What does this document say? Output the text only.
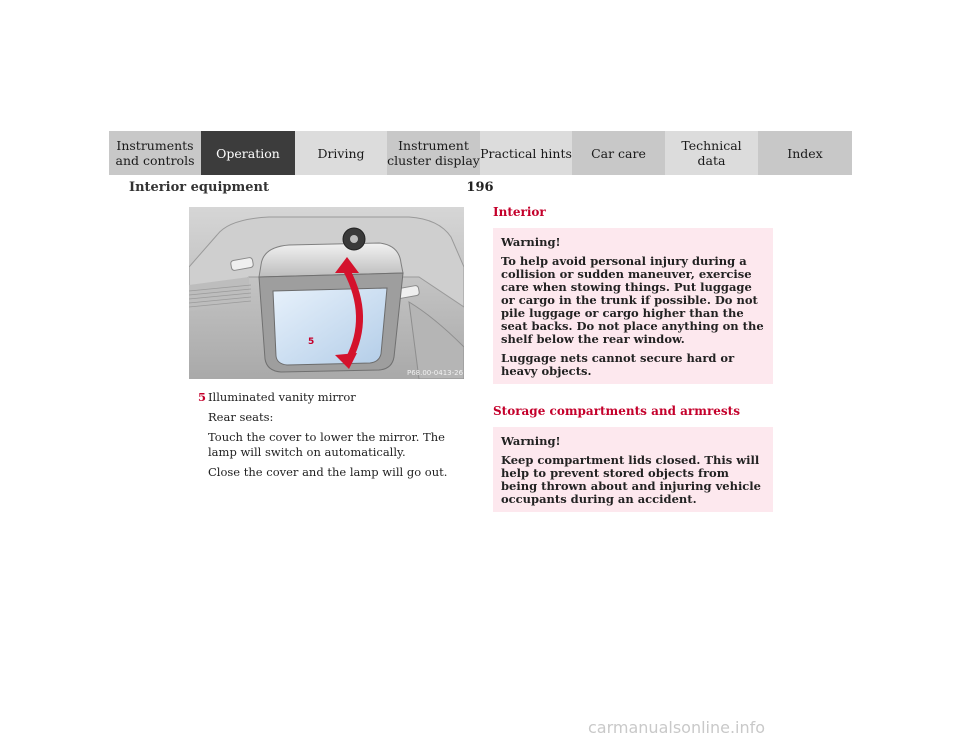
Instruments
and controls	Operation	Driving	Instrument
cluster display Practical hints	Car care	Technical
data	Index
Interior equipment	196
5
P68.00-0413-26

5 Illuminated vanity mirror

Rear seats:

Touch the cover to lower the mirror. The lamp will switch on automatically.

Close the cover and the lamp will go out.

Interior

Warning!

To help avoid personal injury during a collision or sudden maneuver, exercise care when stowing things. Put luggage or cargo in the trunk if possible. Do not pile luggage or cargo higher than the seat backs. Do not place anything on the shelf below the rear window.

Luggage nets cannot secure hard or heavy objects.

Storage compartments and armrests

Warning!

Keep compartment lids closed. This will help to prevent stored objects from being thrown about and injuring vehicle occupants during an accident.

carmanualsonline.info
